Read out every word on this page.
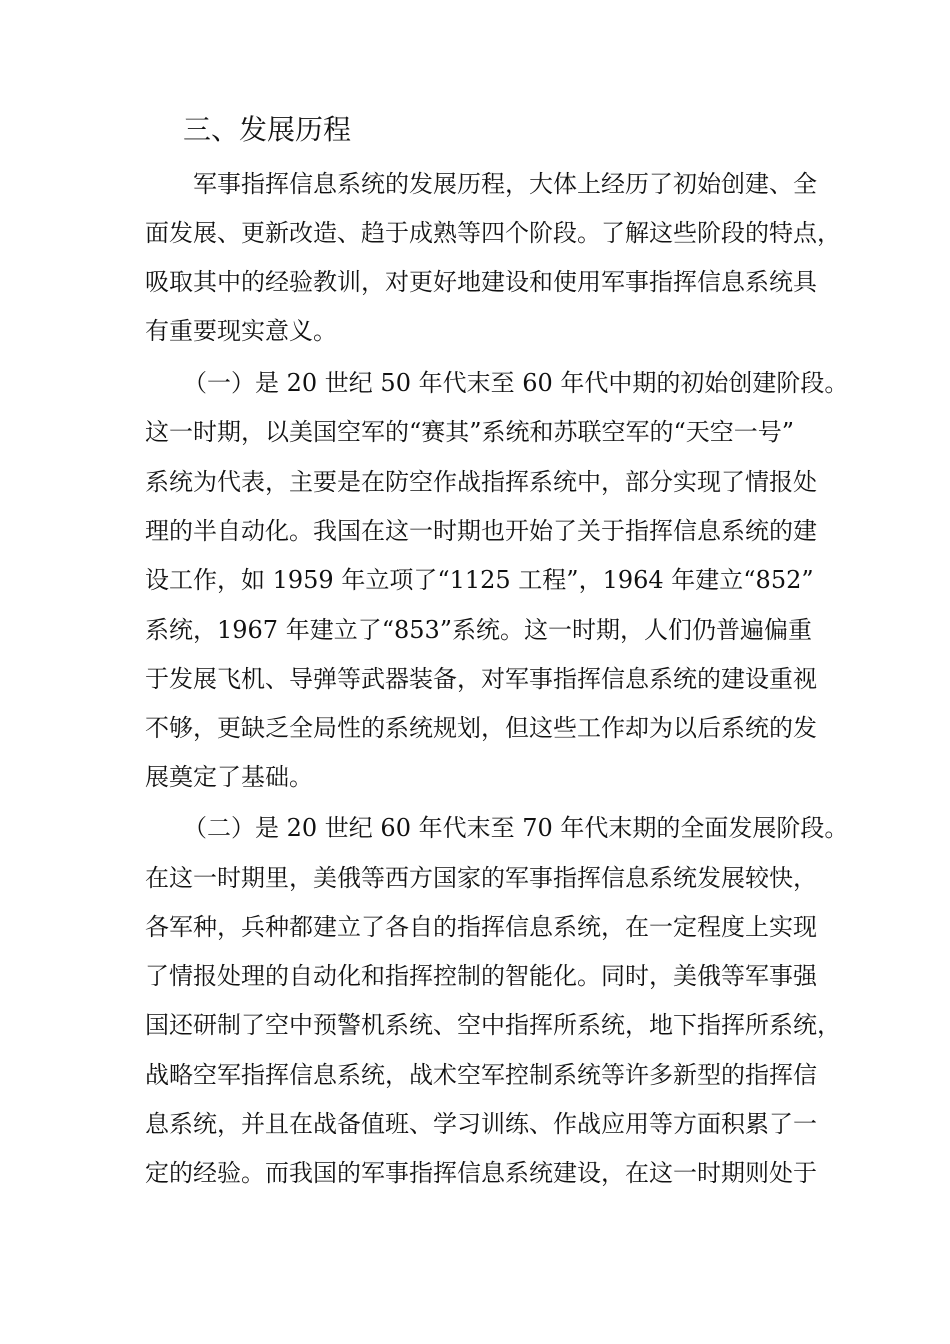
三、发展历程
军事指挥信息系统的发展历程，大体上经历了初始创建、全
面发展、更新改造、趋于成熟等四个阶段。了解这些阶段的特点，
吸取其中的经验教训，对更好地建设和使用军事指挥信息系统具
有重要现实意义。
（一）是 20 世纪 50 年代末至 60 年代中期的初始创建阶段。
这一时期，以美国空军的“赛其”系统和苏联空军的“天空一号”
系统为代表，主要是在防空作战指挥系统中，部分实现了情报处
理的半自动化。我国在这一时期也开始了关于指挥信息系统的建
设工作，如 1959 年立项了“1125 工程”，1964 年建立“852”
系统，1967 年建立了“853”系统。这一时期，人们仍普遍偏重
于发展飞机、导弹等武器装备，对军事指挥信息系统的建设重视
不够，更缺乏全局性的系统规划，但这些工作却为以后系统的发
展奠定了基础。
（二）是 20 世纪 60 年代末至 70 年代末期的全面发展阶段。
在这一时期里，美俄等西方国家的军事指挥信息系统发展较快，
各军种，兵种都建立了各自的指挥信息系统，在一定程度上实现
了情报处理的自动化和指挥控制的智能化。同时，美俄等军事强
国还研制了空中预警机系统、空中指挥所系统，地下指挥所系统，
战略空军指挥信息系统，战术空军控制系统等许多新型的指挥信
息系统，并且在战备值班、学习训练、作战应用等方面积累了一
定的经验。而我国的军事指挥信息系统建设，在这一时期则处于
